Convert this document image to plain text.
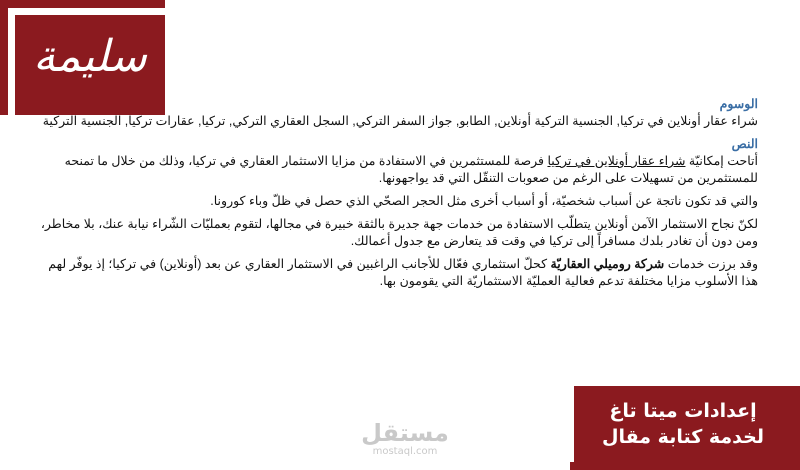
سليمة

الوسوم

شراء عقار أونلاين في تركيا, الجنسية التركية أونلاين, الطابو, جواز السفر التركي, السجل العقاري التركي, تركيا, عقارات تركيا, الجنسية التركية

النص

أتاحت إمكانيّة شراء عقار أونلاين في تركيا فرصة للمستثمرين في الاستفادة من مزايا الاستثمار العقاري في تركيا، وذلك من خلال ما تمنحه للمستثمرين من تسهيلات على الرغم من صعوبات التنقّل التي قد يواجهونها.

والتي قد تكون ناتجة عن أسباب شخصيّة، أو أسباب أخرى مثل الحجر الصحّي الذي حصل في ظلّ وباء كورونا.

لكنّ نجاح الاستثمار الآمن أونلاين يتطلّب الاستفادة من خدمات جهة جديرة بالثقة خبيرة في مجالها، لتقوم بعمليّات الشّراء نيابة عنك، بلا مخاطر، ومن دون أن تغادر بلدك مسافراً إلى تركيا في وقت قد يتعارض مع جدول أعمالك.

وقد برزت خدمات شركة روميلي العقاريّة كحلّ استثماري فعّال للأجانب الراغبين في الاستثمار العقاري عن بعد (أونلاين) في تركيا؛ إذ يوفّر لهم هذا الأسلوب مزايا مختلفة تدعم فعالية العمليّة الاستثماريّة التي يقومون بها.

مستقل
mostaql.com
إعدادات ميتا تاغ
لخدمة كتابة مقال
